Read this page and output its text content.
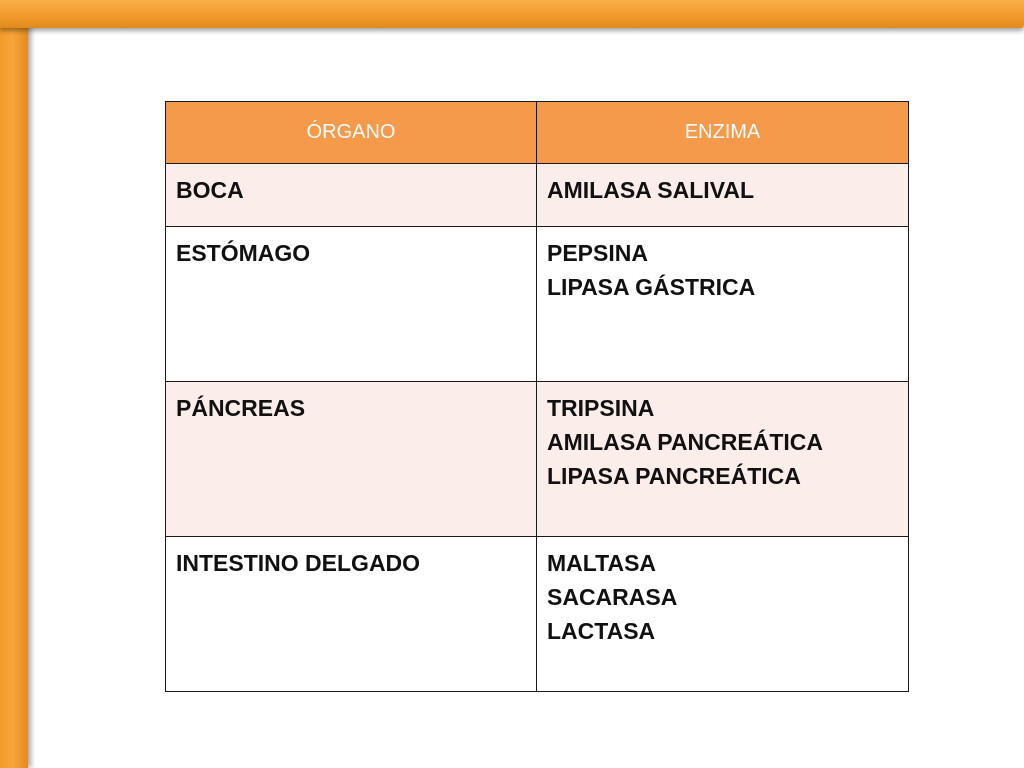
ÓRGANO	ENZIMA
BOCA	AMILASA SALIVAL

ESTÓMAGO	PEPSINA
LIPASA GÁSTRICA

PÁNCREAS	TRIPSINA
AMILASA PANCREÁTICA
LIPASA PANCREÁTICA

INTESTINO DELGADO	MALTASA
SACARASA
LACTASA
